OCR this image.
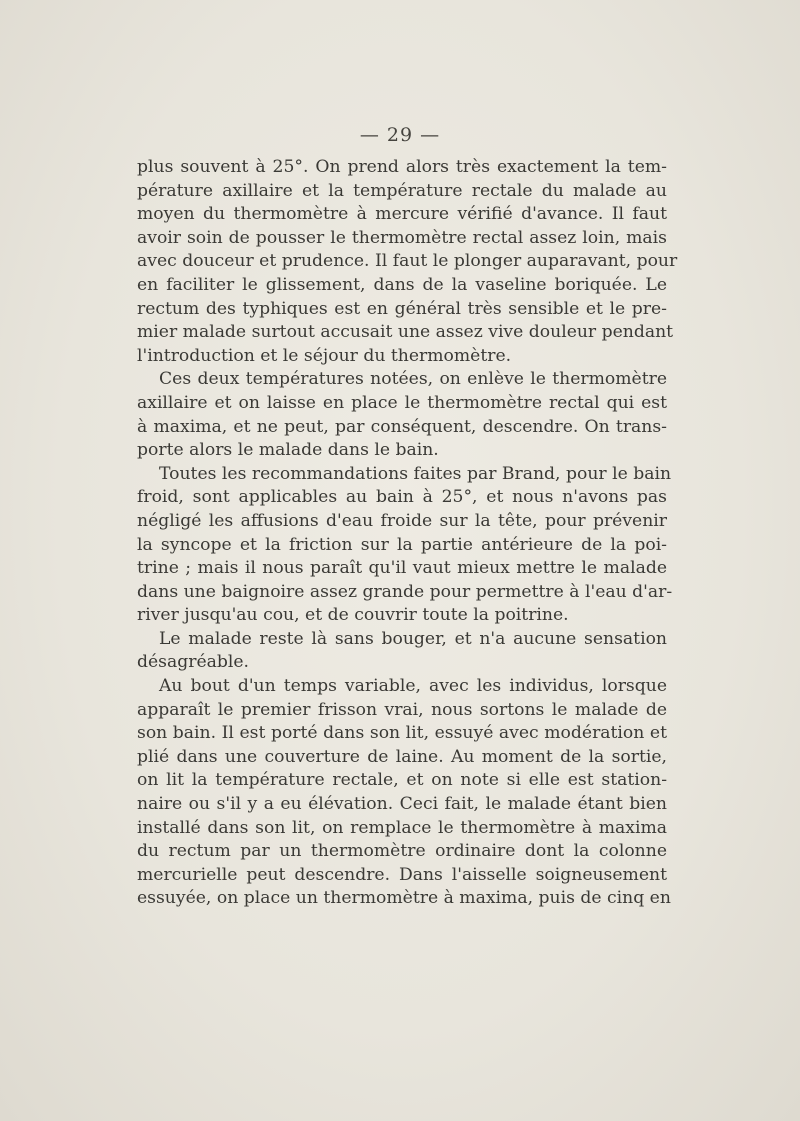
— 29 —
plus souvent à 25°. On prend alors très exactement la tem-
pérature axillaire et la température rectale du malade au
moyen du thermomètre à mercure vérifié d'avance. Il faut
avoir soin de pousser le thermomètre rectal assez loin, mais
avec douceur et prudence. Il faut le plonger auparavant, pour
en faciliter le glissement, dans de la vaseline boriquée. Le
rectum des typhiques est en général très sensible et le pre-
mier malade surtout accusait une assez vive douleur pendant
l'introduction et le séjour du thermomètre.
Ces deux températures notées, on enlève le thermomètre
axillaire et on laisse en place le thermomètre rectal qui est
à maxima, et ne peut, par conséquent, descendre. On trans-
porte alors le malade dans le bain.
Toutes les recommandations faites par Brand, pour le bain
froid, sont applicables au bain à 25°, et nous n'avons pas
négligé les affusions d'eau froide sur la tête, pour prévenir
la syncope et la friction sur la partie antérieure de la poi-
trine ; mais il nous paraît qu'il vaut mieux mettre le malade
dans une baignoire assez grande pour permettre à l'eau d'ar-
river jusqu'au cou, et de couvrir toute la poitrine.
Le malade reste là sans bouger, et n'a aucune sensation
désagréable.
Au bout d'un temps variable, avec les individus, lorsque
apparaît le premier frisson vrai, nous sortons le malade de
son bain. Il est porté dans son lit, essuyé avec modération et
plié dans une couverture de laine. Au moment de la sortie,
on lit la température rectale, et on note si elle est station-
naire ou s'il y a eu élévation. Ceci fait, le malade étant bien
installé dans son lit, on remplace le thermomètre à maxima
du rectum par un thermomètre ordinaire dont la colonne
mercurielle peut descendre. Dans l'aisselle soigneusement
essuyée, on place un thermomètre à maxima, puis de cinq en
